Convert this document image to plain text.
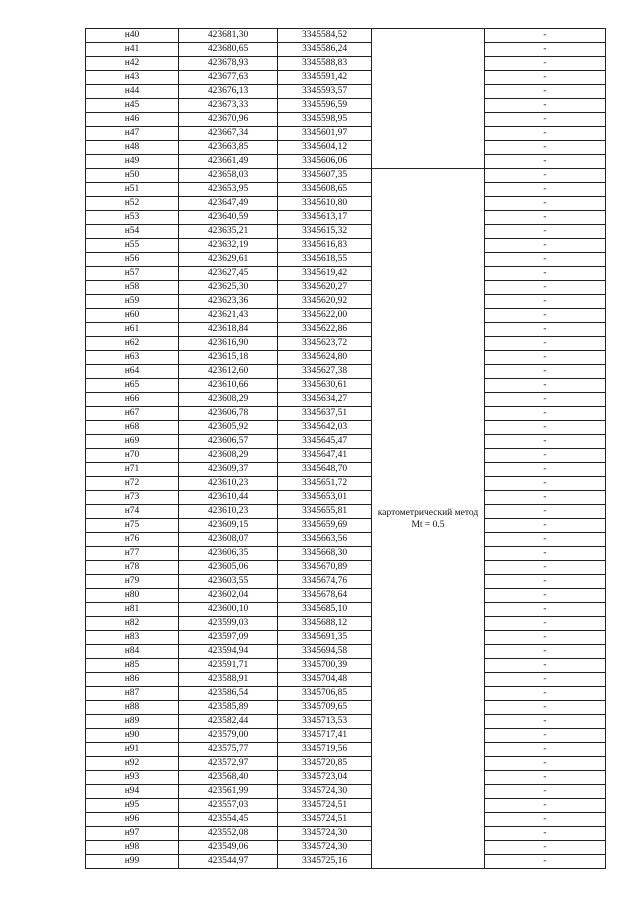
н40	423681,30	3345584,52		-
н41	423680,65	3345586,24		-
н42	423678,93	3345588,83		-
н43	423677,63	3345591,42		-
н44	423676,13	3345593,57		-
н45	423673,33	3345596,59		-
н46	423670,96	3345598,95		-
н47	423667,34	3345601,97		-
н48	423663,85	3345604,12		-
н49	423661,49	3345606,06		-
н50	423658,03	3345607,35	картометрический метод Mt = 0.5	-
н51	423653,95	3345608,65		-
н52	423647,49	3345610,80		-
н53	423640,59	3345613,17		-
н54	423635,21	3345615,32		-
н55	423632,19	3345616,83		-
н56	423629,61	3345618,55		-
н57	423627,45	3345619,42		-
н58	423625,30	3345620,27		-
н59	423623,36	3345620,92		-
н60	423621,43	3345622,00		-
н61	423618,84	3345622,86		-
н62	423616,90	3345623,72		-
н63	423615,18	3345624,80		-
н64	423612,60	3345627,38		-
н65	423610,66	3345630,61		-
н66	423608,29	3345634,27		-
н67	423606,78	3345637,51		-
н68	423605,92	3345642,03		-
н69	423606,57	3345645,47		-
н70	423608,29	3345647,41		-
н71	423609,37	3345648,70		-
н72	423610,23	3345651,72		-
н73	423610,44	3345653,01		-
н74	423610,23	3345655,81		-
н75	423609,15	3345659,69		-
н76	423608,07	3345663,56		-
н77	423606,35	3345668,30		-
н78	423605,06	3345670,89		-
н79	423603,55	3345674,76		-
н80	423602,04	3345678,64		-
н81	423600,10	3345685,10		-
н82	423599,03	3345688,12		-
н83	423597,09	3345691,35		-
н84	423594,94	3345694,58		-
н85	423591,71	3345700,39		-
н86	423588,91	3345704,48		-
н87	423586,54	3345706,85		-
н88	423585,89	3345709,65		-
н89	423582,44	3345713,53		-
н90	423579,00	3345717,41		-
н91	423575,77	3345719,56		-
н92	423572,97	3345720,85		-
н93	423568,40	3345723,04		-
н94	423561,99	3345724,30		-
н95	423557,03	3345724,51		-
н96	423554,45	3345724,51		-
н97	423552,08	3345724,30		-
н98	423549,06	3345724,30		-
н99	423544,97	3345725,16		-
